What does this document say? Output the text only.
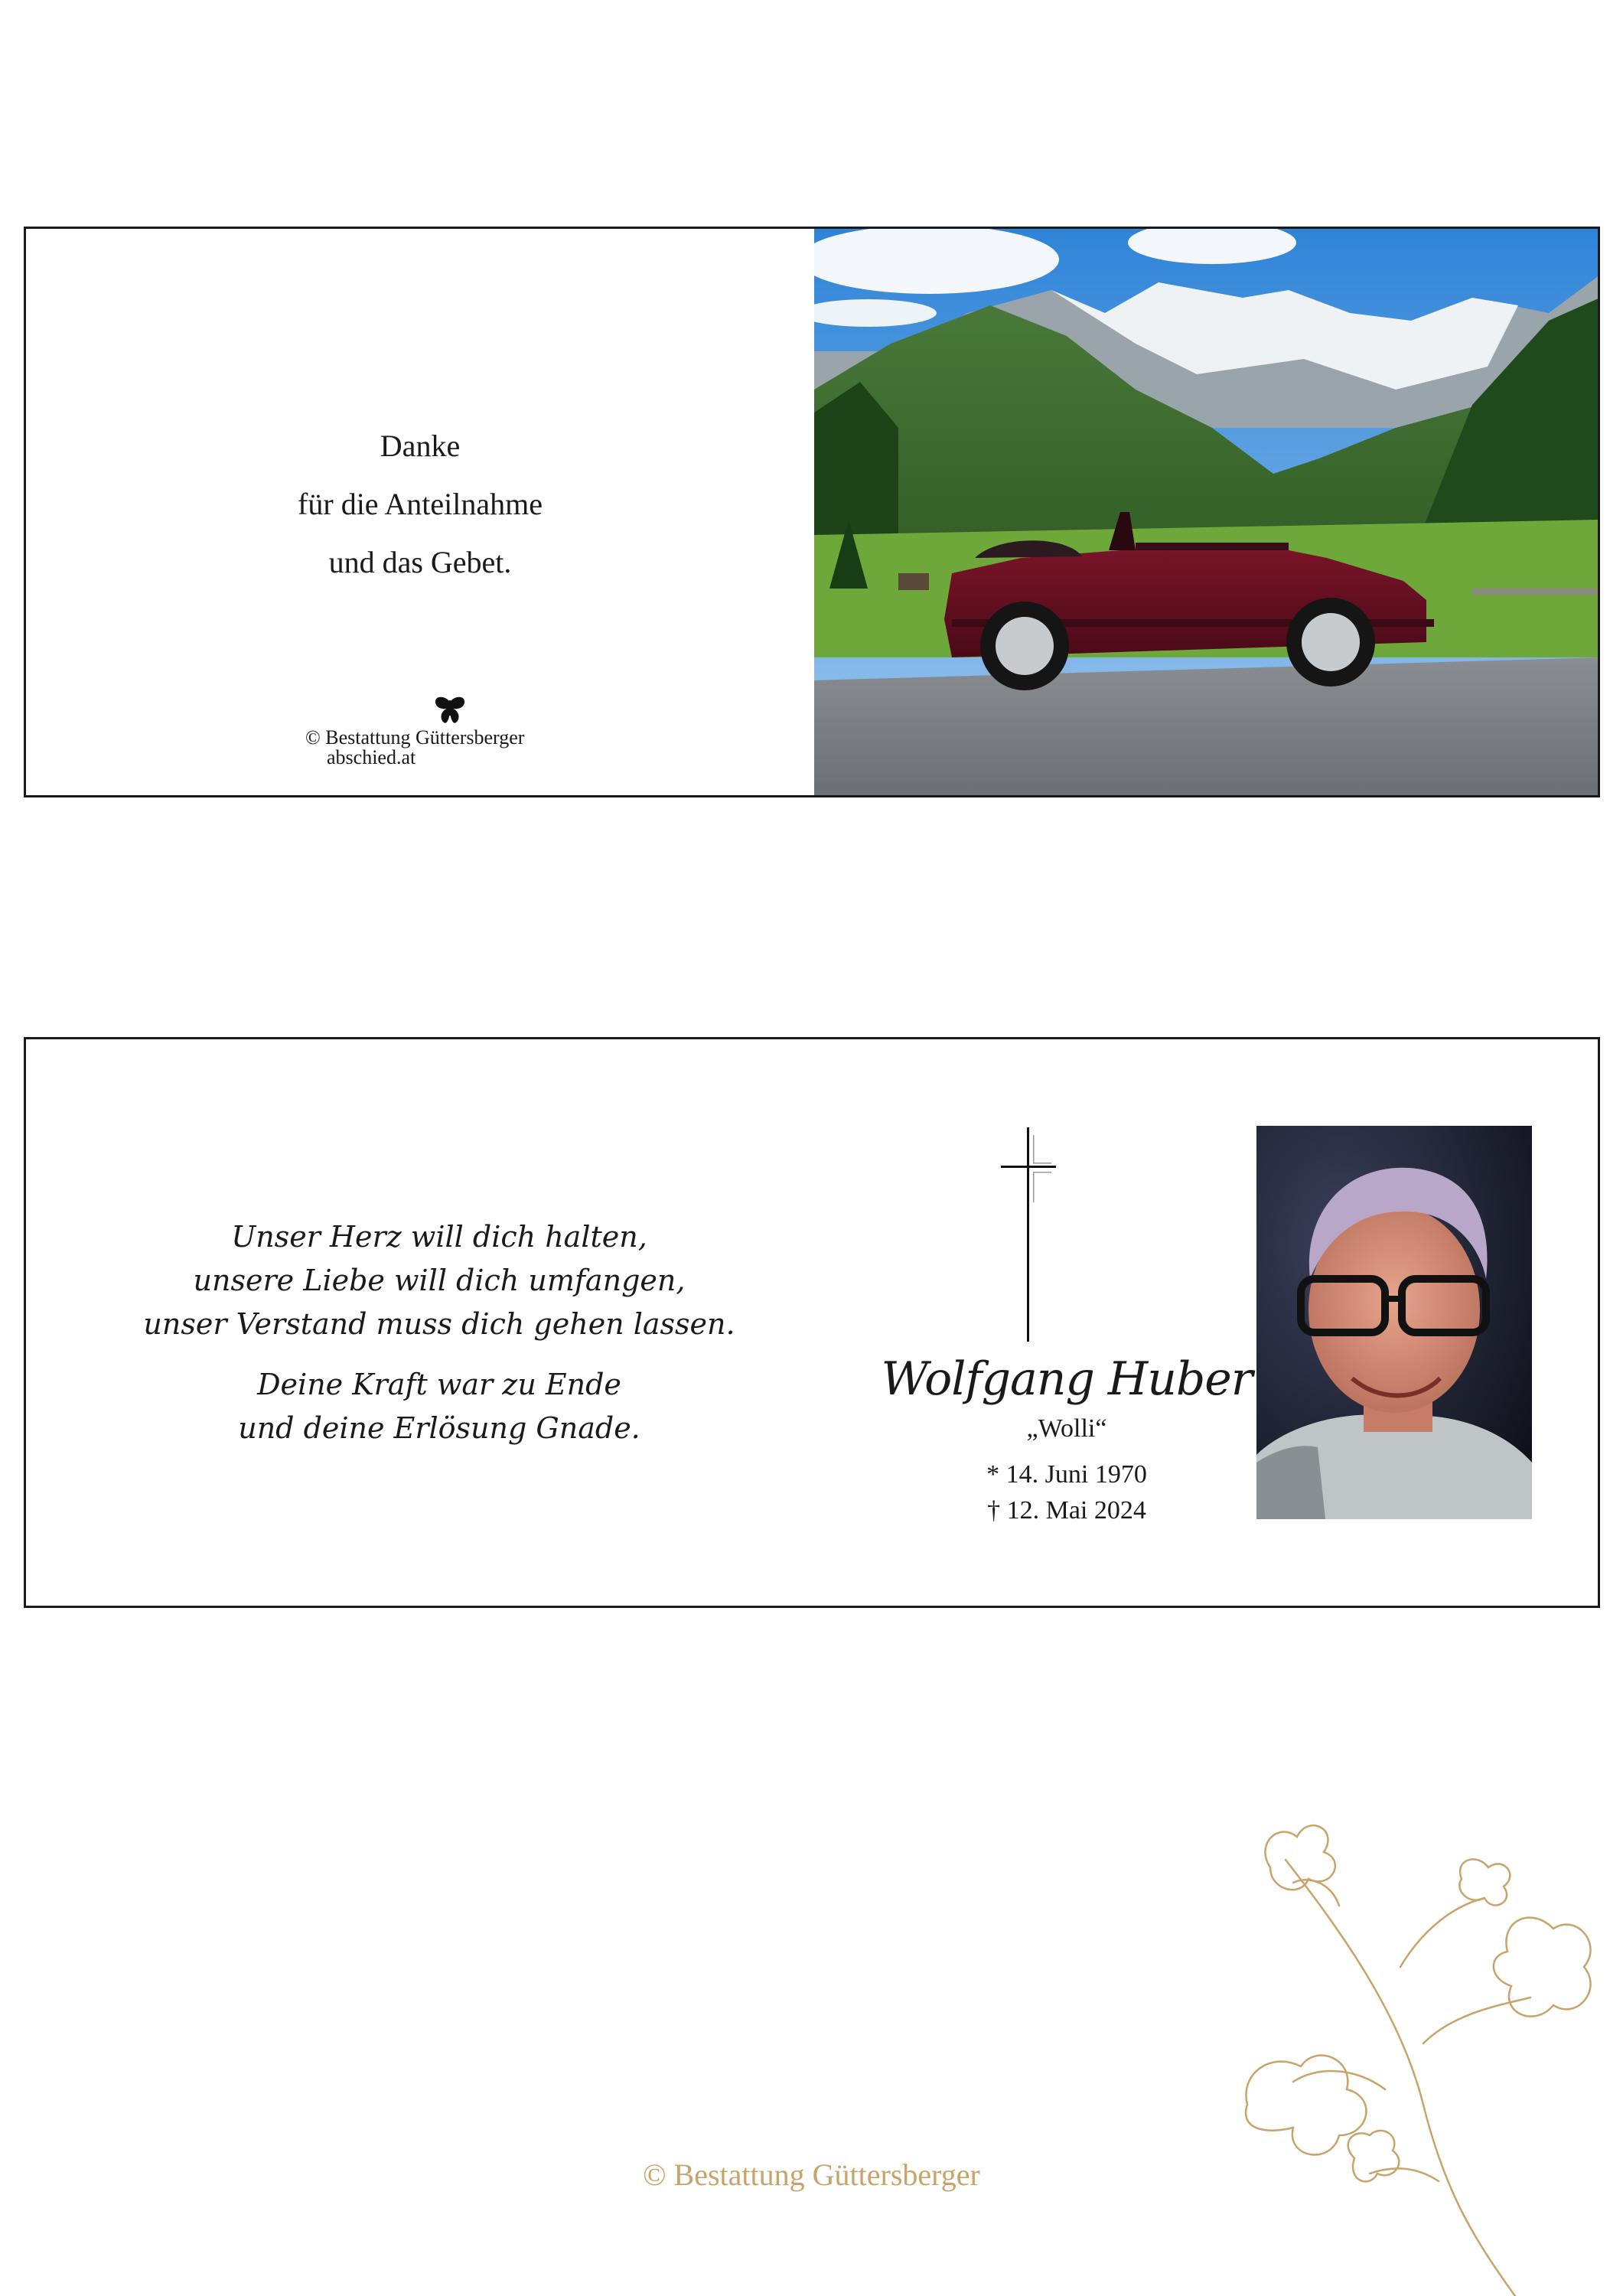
Danke
für die Anteilnahme
und das Gebet.
© Bestattung Güttersberger
abschied.at
Unser Herz will dich halten,
unsere Liebe will dich umfangen,
unser Verstand muss dich gehen lassen.
Deine Kraft war zu Ende
und deine Erlösung Gnade.
Wolfgang Huber
„Wolli“
* 14. Juni 1970
† 12. Mai 2024
© Bestattung Güttersberger
